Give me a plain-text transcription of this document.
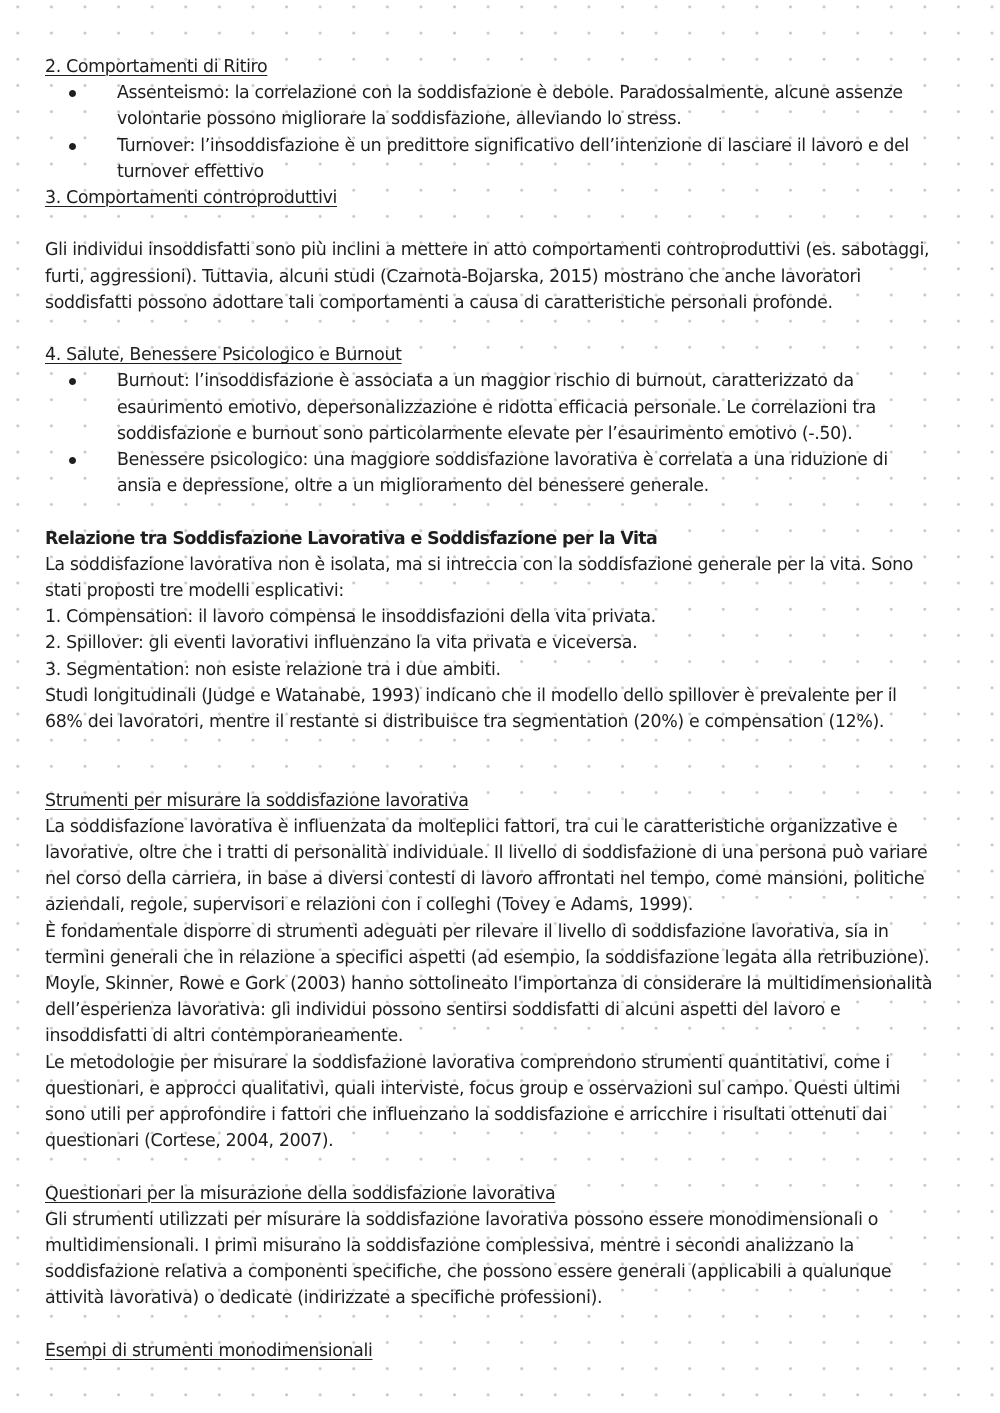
2. Comportamenti di Ritiro
Assenteismo: la correlazione con la soddisfazione è debole. Paradossalmente, alcune assenze
volontarie possono migliorare la soddisfazione, alleviando lo stress.
Turnover: l’insoddisfazione è un predittore significativo dell’intenzione di lasciare il lavoro e del
turnover effettivo
3. Comportamenti controproduttivi
Gli individui insoddisfatti sono più inclini a mettere in atto comportamenti controproduttivi (es. sabotaggi,
furti, aggressioni). Tuttavia, alcuni studi (Czarnota-Bojarska, 2015) mostrano che anche lavoratori
soddisfatti possono adottare tali comportamenti a causa di caratteristiche personali profonde.
4. Salute, Benessere Psicologico e Burnout
Burnout: l’insoddisfazione è associata a un maggior rischio di burnout, caratterizzato da
esaurimento emotivo, depersonalizzazione e ridotta efficacia personale. Le correlazioni tra
soddisfazione e burnout sono particolarmente elevate per l’esaurimento emotivo (-.50).
Benessere psicologico: una maggiore soddisfazione lavorativa è correlata a una riduzione di
ansia e depressione, oltre a un miglioramento del benessere generale.
Relazione tra Soddisfazione Lavorativa e Soddisfazione per la Vita
La soddisfazione lavorativa non è isolata, ma si intreccia con la soddisfazione generale per la vita. Sono
stati proposti tre modelli esplicativi:
1. Compensation: il lavoro compensa le insoddisfazioni della vita privata.
2. Spillover: gli eventi lavorativi influenzano la vita privata e viceversa.
3. Segmentation: non esiste relazione tra i due ambiti.
Studi longitudinali (Judge e Watanabe, 1993) indicano che il modello dello spillover è prevalente per il
68% dei lavoratori, mentre il restante si distribuisce tra segmentation (20%) e compensation (12%).
Strumenti per misurare la soddisfazione lavorativa
La soddisfazione lavorativa è influenzata da molteplici fattori, tra cui le caratteristiche organizzative e
lavorative, oltre che i tratti di personalità individuale. Il livello di soddisfazione di una persona può variare
nel corso della carriera, in base a diversi contesti di lavoro affrontati nel tempo, come mansioni, politiche
aziendali, regole, supervisori e relazioni con i colleghi (Tovey e Adams, 1999).
È fondamentale disporre di strumenti adeguati per rilevare il livello di soddisfazione lavorativa, sia in
termini generali che in relazione a specifici aspetti (ad esempio, la soddisfazione legata alla retribuzione).
Moyle, Skinner, Rowe e Gork (2003) hanno sottolineato l'importanza di considerare la multidimensionalità
dell’esperienza lavorativa: gli individui possono sentirsi soddisfatti di alcuni aspetti del lavoro e
insoddisfatti di altri contemporaneamente.
Le metodologie per misurare la soddisfazione lavorativa comprendono strumenti quantitativi, come i
questionari, e approcci qualitativi, quali interviste, focus group e osservazioni sul campo. Questi ultimi
sono utili per approfondire i fattori che influenzano la soddisfazione e arricchire i risultati ottenuti dai
questionari (Cortese, 2004, 2007).
Questionari per la misurazione della soddisfazione lavorativa
Gli strumenti utilizzati per misurare la soddisfazione lavorativa possono essere monodimensionali o
multidimensionali. I primi misurano la soddisfazione complessiva, mentre i secondi analizzano la
soddisfazione relativa a componenti specifiche, che possono essere generali (applicabili a qualunque
attività lavorativa) o dedicate (indirizzate a specifiche professioni).
Esempi di strumenti monodimensionali
